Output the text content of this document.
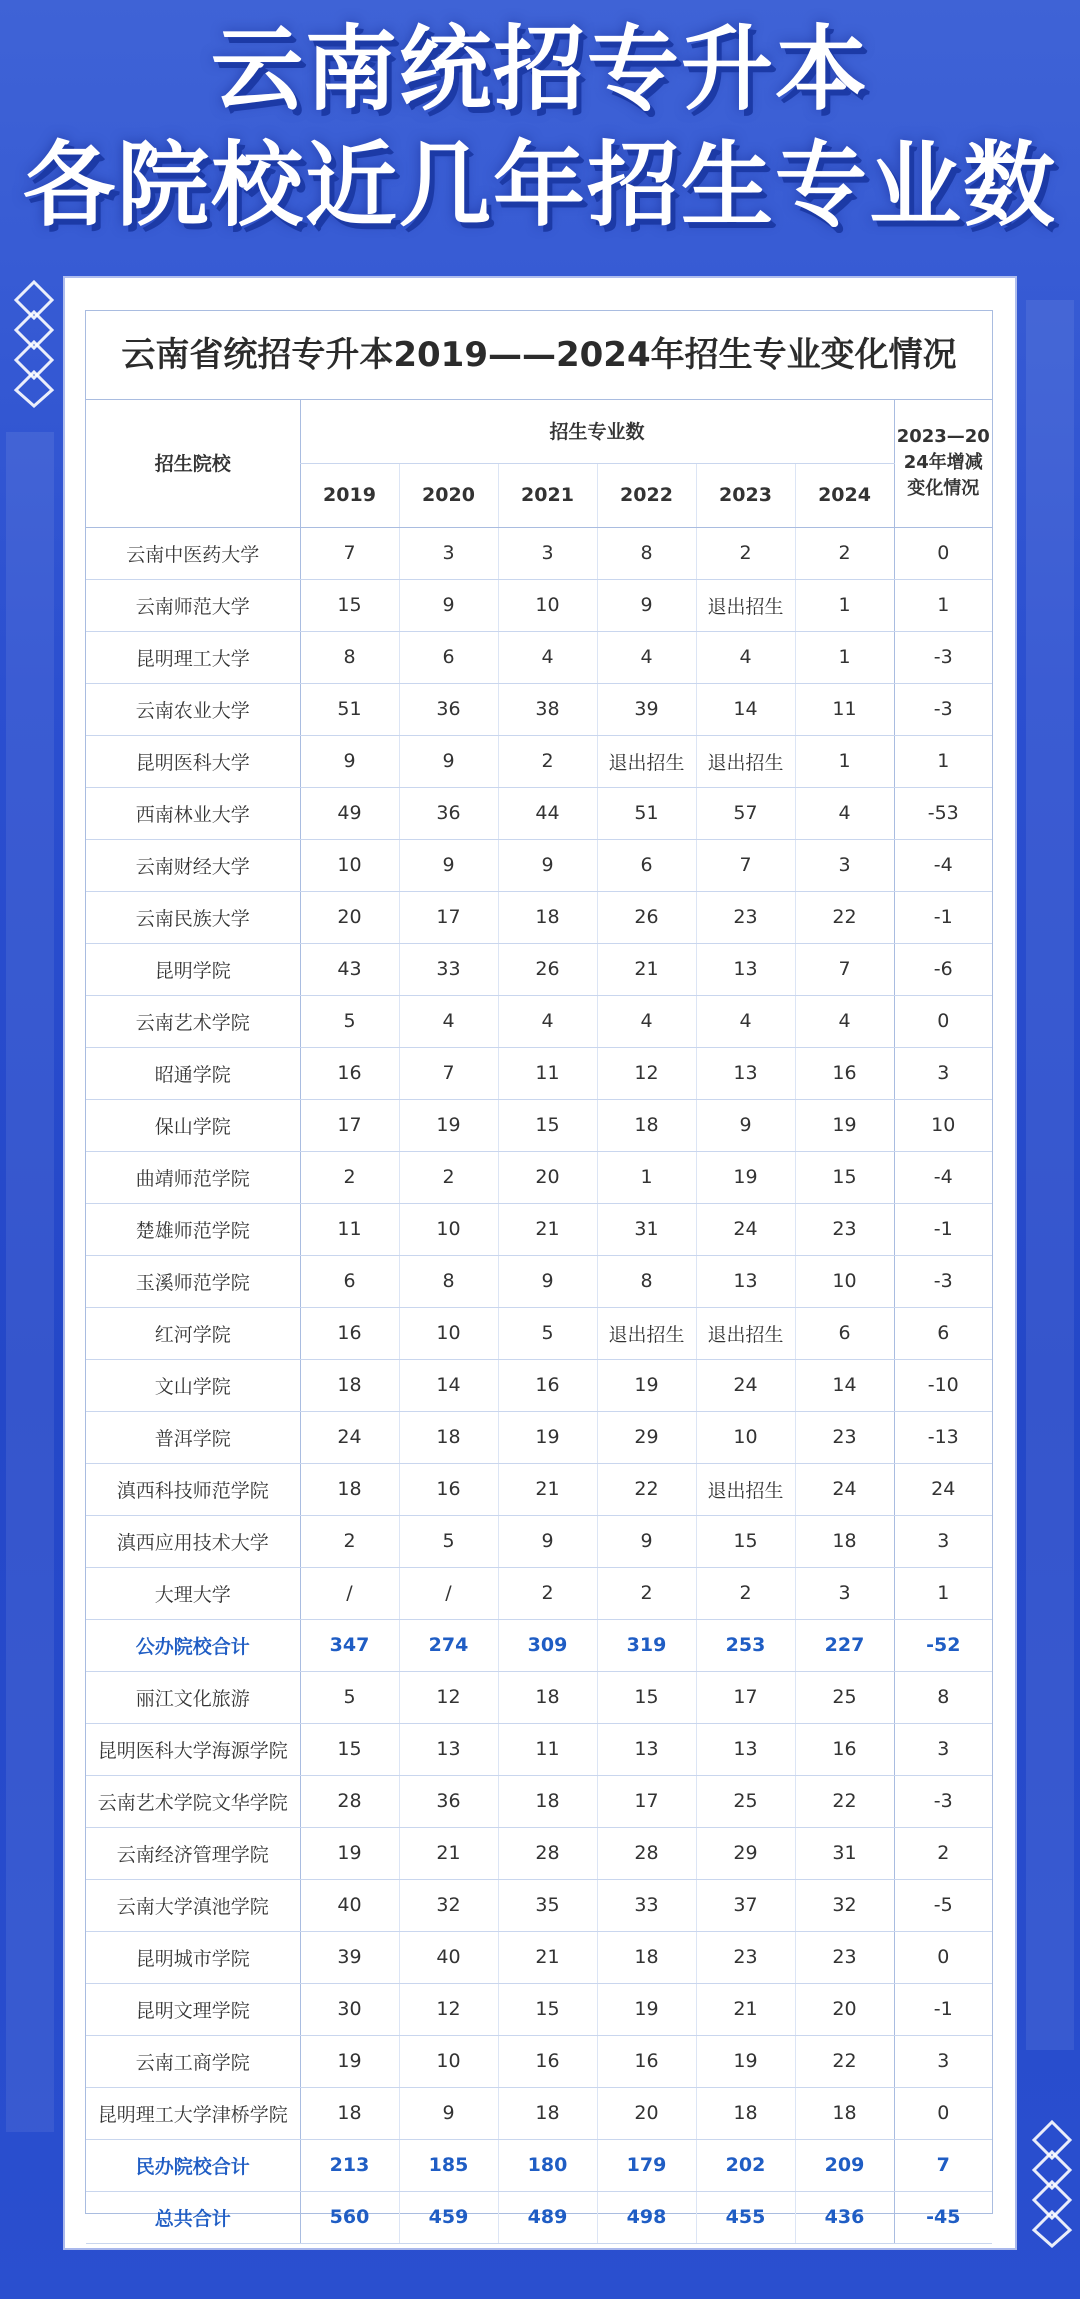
云南统招专升本
各院校近几年招生专业数
云南省统招专升本2019——2024年招生专业变化情况
招生院校	招生专业数						2023—20
24年增减
变化情况

	2019	2020	2021	2022	2023	2024	
云南中医药大学	7	3	3	8	2	2	0
云南师范大学	15	9	10	9	退出招生	1	1
昆明理工大学	8	6	4	4	4	1	-3
云南农业大学	51	36	38	39	14	11	-3
昆明医科大学	9	9	2	退出招生	退出招生	1	1
西南林业大学	49	36	44	51	57	4	-53
云南财经大学	10	9	9	6	7	3	-4
云南民族大学	20	17	18	26	23	22	-1
昆明学院	43	33	26	21	13	7	-6
云南艺术学院	5	4	4	4	4	4	0
昭通学院	16	7	11	12	13	16	3
保山学院	17	19	15	18	9	19	10
曲靖师范学院	2	2	20	1	19	15	-4
楚雄师范学院	11	10	21	31	24	23	-1
玉溪师范学院	6	8	9	8	13	10	-3
红河学院	16	10	5	退出招生	退出招生	6	6
文山学院	18	14	16	19	24	14	-10
普洱学院	24	18	19	29	10	23	-13
滇西科技师范学院	18	16	21	22	退出招生	24	24
滇西应用技术大学	2	5	9	9	15	18	3
大理大学	/	/	2	2	2	3	1
公办院校合计	347	274	309	319	253	227	-52
丽江文化旅游	5	12	18	15	17	25	8
昆明医科大学海源学院	15	13	11	13	13	16	3
云南艺术学院文华学院	28	36	18	17	25	22	-3
云南经济管理学院	19	21	28	28	29	31	2
云南大学滇池学院	40	32	35	33	37	32	-5
昆明城市学院	39	40	21	18	23	23	0
昆明文理学院	30	12	15	19	21	20	-1
云南工商学院	19	10	16	16	19	22	3
昆明理工大学津桥学院	18	9	18	20	18	18	0
民办院校合计	213	185	180	179	202	209	7
总共合计	560	459	489	498	455	436	-45
